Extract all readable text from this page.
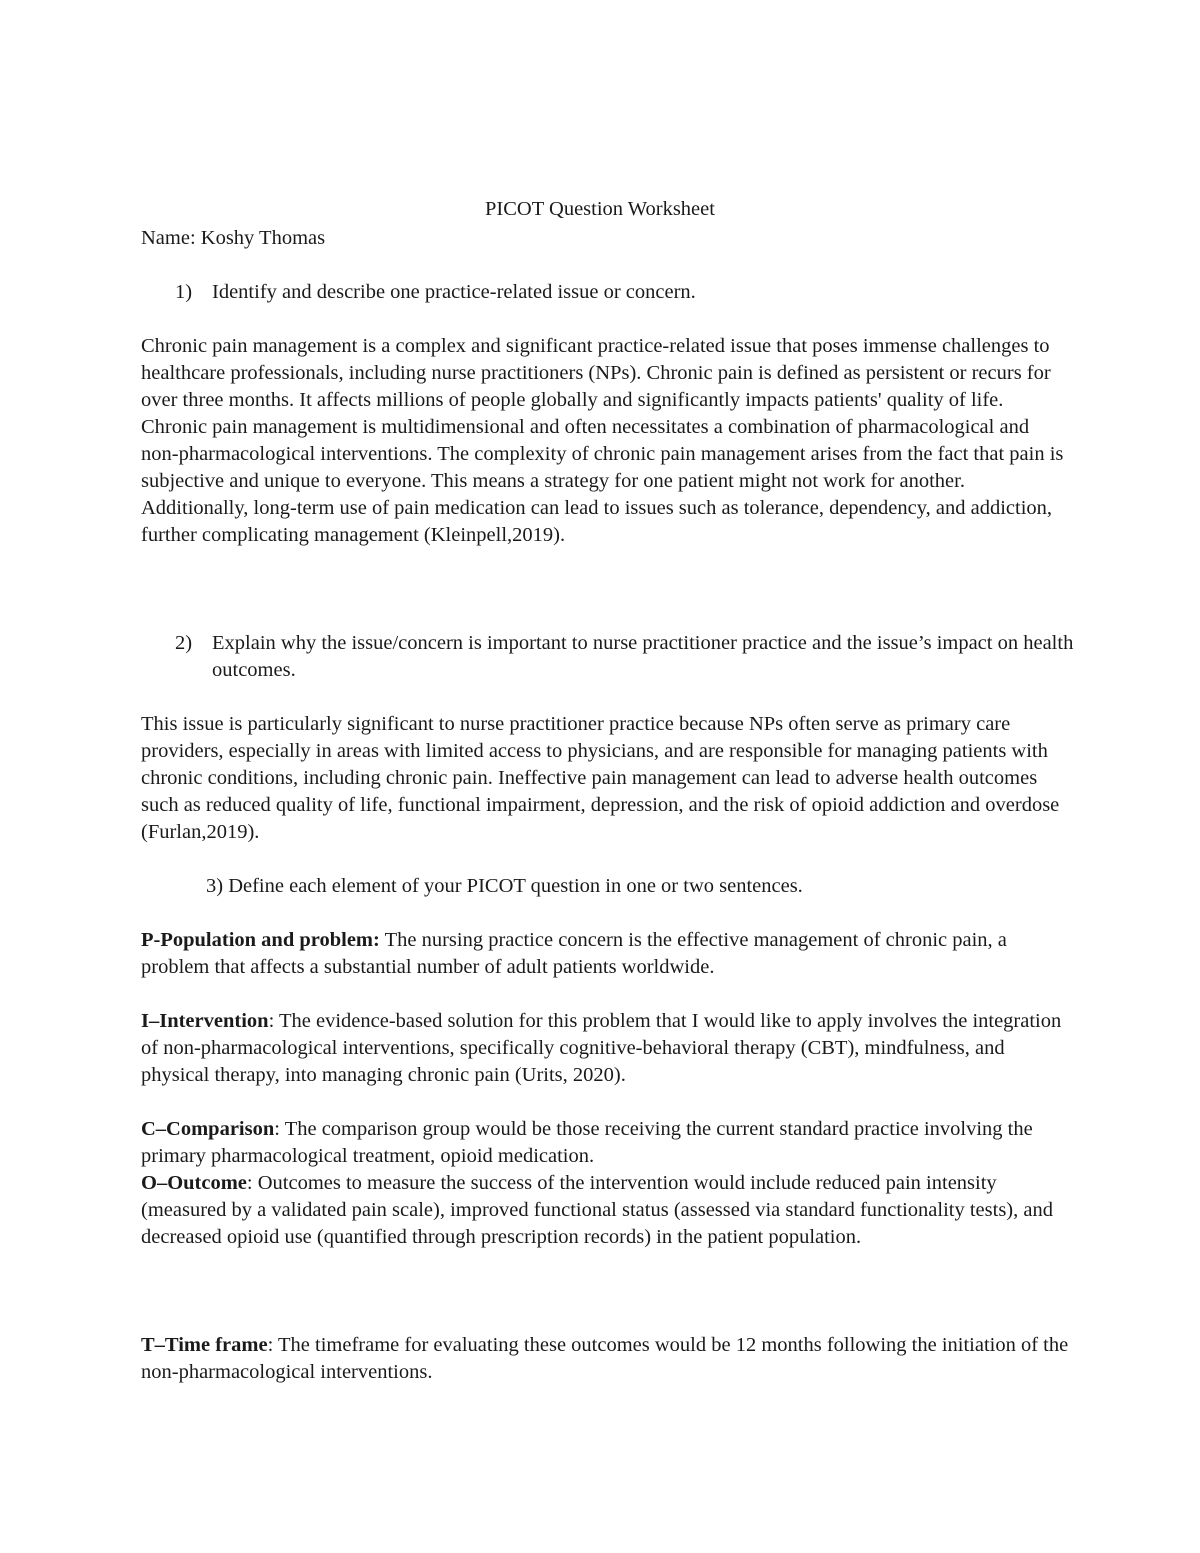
PICOT Question Worksheet

Name: Koshy Thomas

1) Identify and describe one practice-related issue or concern.

Chronic pain management is a complex and significant practice-related issue that poses immense challenges to healthcare professionals, including nurse practitioners (NPs). Chronic pain is defined as persistent or recurs for over three months. It affects millions of people globally and significantly impacts patients' quality of life. Chronic pain management is multidimensional and often necessitates a combination of pharmacological and non-pharmacological interventions. The complexity of chronic pain management arises from the fact that pain is subjective and unique to everyone. This means a strategy for one patient might not work for another. Additionally, long-term use of pain medication can lead to issues such as tolerance, dependency, and addiction, further complicating management (Kleinpell,2019).

2) Explain why the issue/concern is important to nurse practitioner practice and the issue’s impact on health outcomes.

This issue is particularly significant to nurse practitioner practice because NPs often serve as primary care providers, especially in areas with limited access to physicians, and are responsible for managing patients with chronic conditions, including chronic pain. Ineffective pain management can lead to adverse health outcomes such as reduced quality of life, functional impairment, depression, and the risk of opioid addiction and overdose (Furlan,2019).

3) Define each element of your PICOT question in one or two sentences.

P-Population and problem: The nursing practice concern is the effective management of chronic pain, a problem that affects a substantial number of adult patients worldwide.

I–Intervention: The evidence-based solution for this problem that I would like to apply involves the integration of non-pharmacological interventions, specifically cognitive-behavioral therapy (CBT), mindfulness, and physical therapy, into managing chronic pain (Urits, 2020).

C–Comparison: The comparison group would be those receiving the current standard practice involving the primary pharmacological treatment, opioid medication.

O–Outcome: Outcomes to measure the success of the intervention would include reduced pain intensity (measured by a validated pain scale), improved functional status (assessed via standard functionality tests), and decreased opioid use (quantified through prescription records) in the patient population.

T–Time frame: The timeframe for evaluating these outcomes would be 12 months following the initiation of the non-pharmacological interventions.
